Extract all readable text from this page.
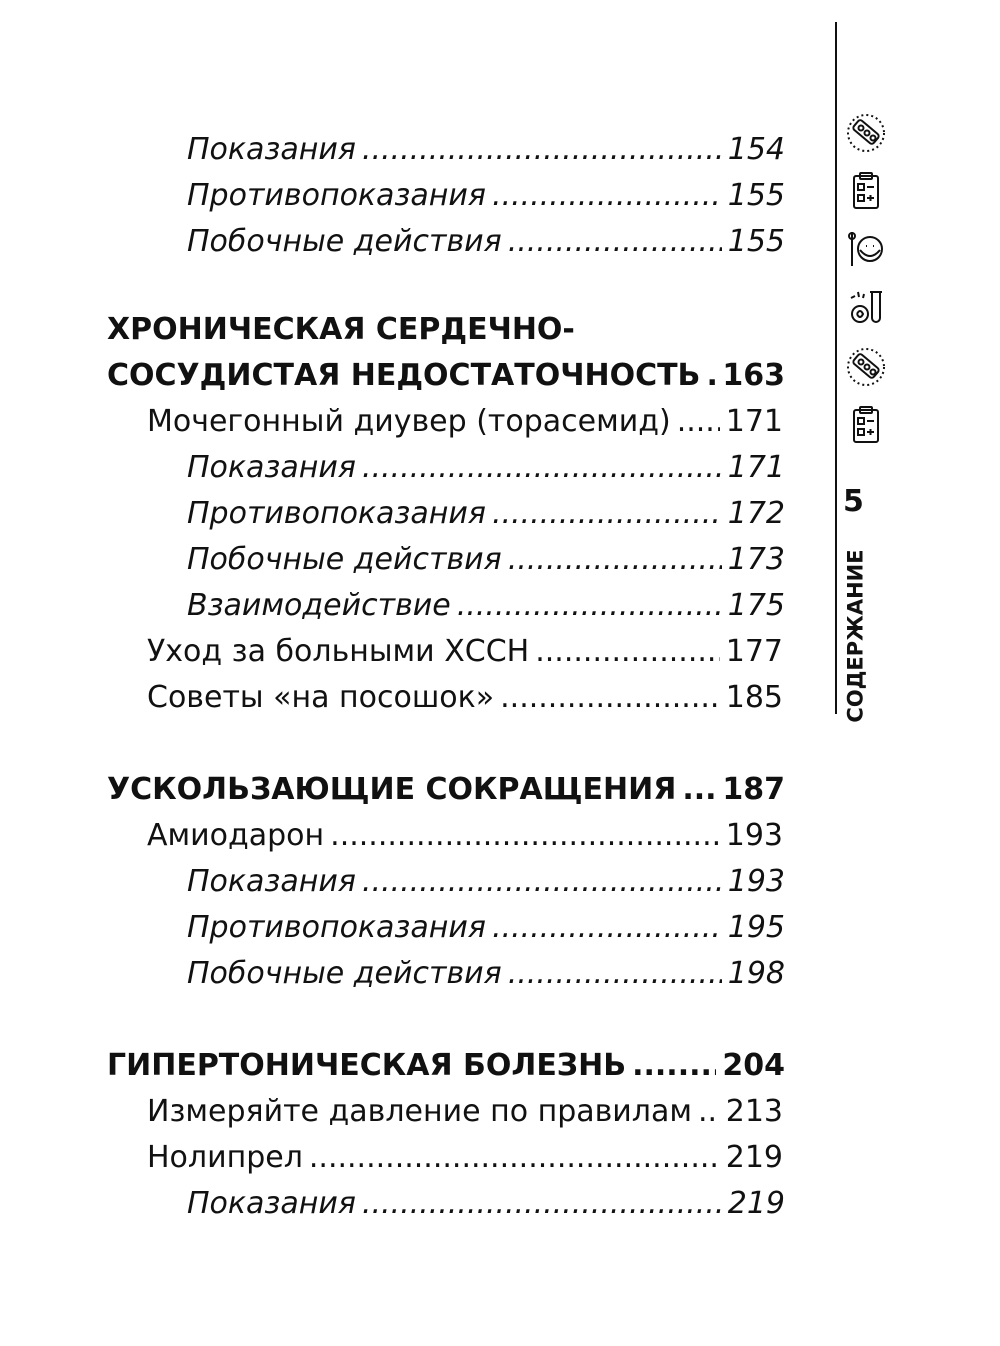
Показания .....	154
Противопоказания .....	155
Побочные действия .....	155
ХРОНИЧЕСКАЯ СЕРДЕЧНО-
СОСУДИСТАЯ НЕДОСТАТОЧНОСТЬ ..... 163
Мочегонный диувер (торасемид) ..... 171
Показания .....	171
Противопоказания .....	172
Побочные действия .....	173
Взаимодействие .....	175
Уход за больными ХССН .....	177
Советы «на посошок» .....	185
УСКОЛЬЗАЮЩИЕ СОКРАЩЕНИЯ ..... 187
Амиодарон .....	193
Показания .....	193
Противопоказания .....	195
Побочные действия .....	198
ГИПЕРТОНИЧЕСКАЯ БОЛЕЗНЬ .....	204
Измеряйте давление по правилам ..... 213
Нолипрел .....	219
Показания .....	219
5
СОДЕРЖАНИЕ
